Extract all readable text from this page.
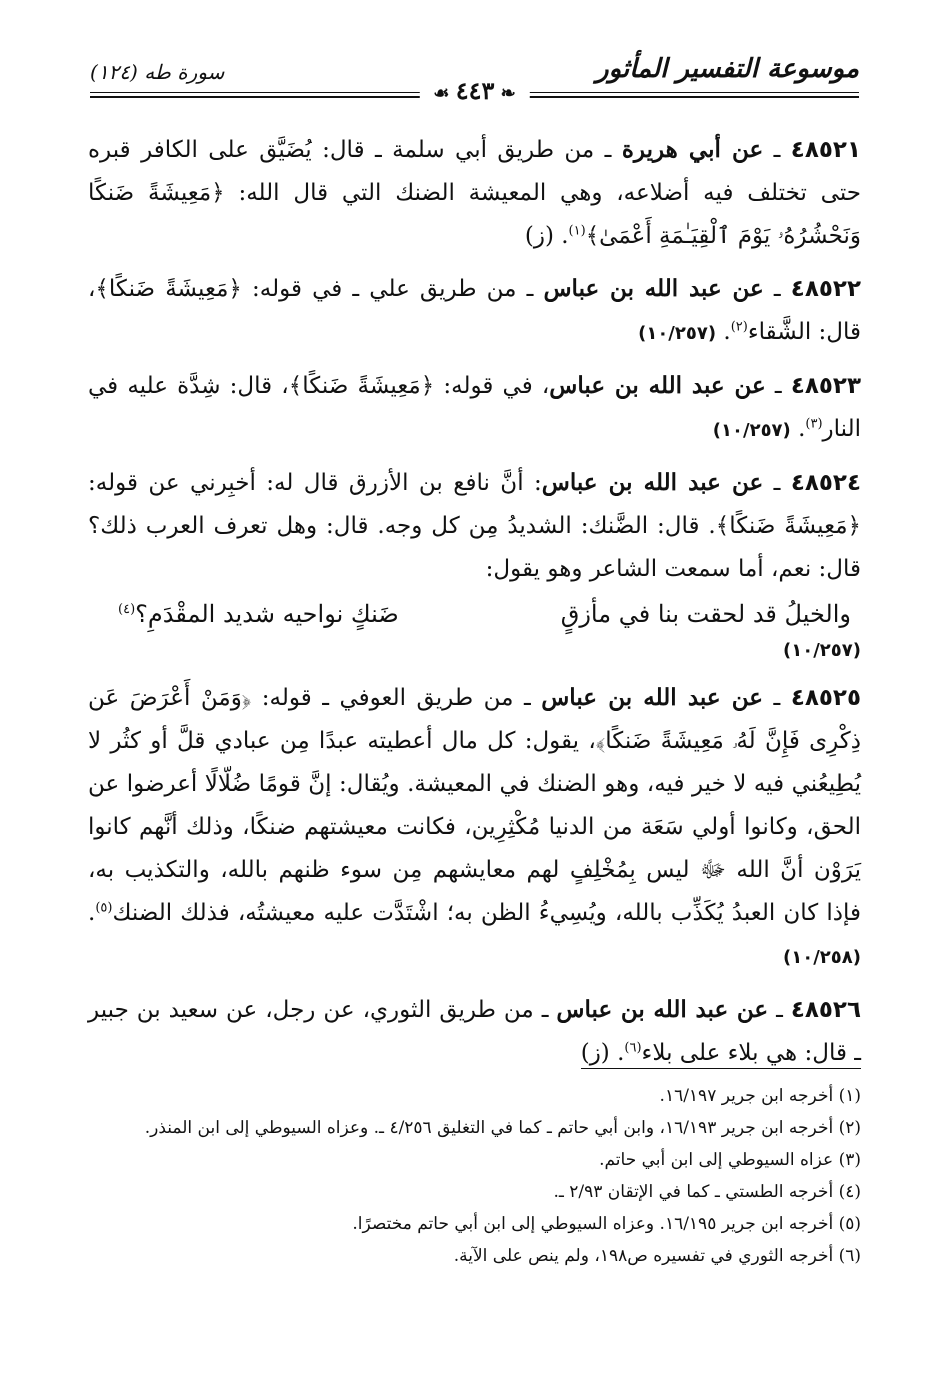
موسوعة التفسير المأثور
سورة طه (١٢٤)
❧ ٤٤٣ ☙

٤٨٥٢١ ـ عن أبي هريرة ـ من طريق أبي سلمة ـ قال: يُضَيَّق على الكافر قبره حتى تختلف فيه أضلاعه، وهي المعيشة الضنك التي قال الله: ﴿مَعِيشَةً ضَنكًا وَنَحْشُرُهُۥ يَوْمَ ٱلْقِيَـٰمَةِ أَعْمَىٰ﴾$^{(١)}$. (ز)

٤٨٥٢٢ ـ عن عبد الله بن عباس ـ من طريق علي ـ في قوله: ﴿مَعِيشَةً ضَنكًا﴾، قال: الشَّقاء$^{(٢)}$. (١٠/٢٥٧)

٤٨٥٢٣ ـ عن عبد الله بن عباس، في قوله: ﴿مَعِيشَةً ضَنكًا﴾، قال: شِدَّة عليه في النار$^{(٣)}$. (١٠/٢٥٧)

٤٨٥٢٤ ـ عن عبد الله بن عباس: أنَّ نافع بن الأزرق قال له: أخبِرني عن قوله: ﴿مَعِيشَةً ضَنكًا﴾. قال: الضَّنك: الشديدُ مِن كل وجه. قال: وهل تعرف العرب ذلك؟ قال: نعم، أما سمعت الشاعر وهو يقول:

والخيلُ قد لحقت بنا في مأزقٍ
ضَنكٍ نواحيه شديد المقْدَمِ؟$^{(٤)}$
(١٠/٢٥٧)

٤٨٥٢٥ ـ عن عبد الله بن عباس ـ من طريق العوفي ـ قوله: ﴿وَمَنْ أَعْرَضَ عَن ذِكْرِى فَإِنَّ لَهُۥ مَعِيشَةً ضَنكًا﴾، يقول: كل مال أعطيته عبدًا مِن عبادي قلَّ أو كثُر لا يُطِيعُني فيه لا خير فيه، وهو الضنك في المعيشة. ويُقال: إنَّ قومًا ضُلّالًا أعرضوا عن الحق، وكانوا أولي سَعَة من الدنيا مُكْثِرِين، فكانت معيشتهم ضنكًا، وذلك أنَّهم كانوا يَرَوْن أنَّ الله ﷻ ليس بِمُخْلِفٍ لهم معايشهم مِن سوء ظنهم بالله، والتكذيب به، فإذا كان العبدُ يُكَذِّب بالله، ويُسِيءُ الظن به؛ اشْتَدَّت عليه معيشتُه، فذلك الضنك$^{(٥)}$. (١٠/٢٥٨)

٤٨٥٢٦ ـ عن عبد الله بن عباس ـ من طريق الثوري، عن رجل، عن سعيد بن جبير ـ قال: هي بلاء على بلاء$^{(٦)}$. (ز)

(١) أخرجه ابن جرير ١٦/١٩٧.

(٢) أخرجه ابن جرير ١٦/١٩٣، وابن أبي حاتم ـ كما في التغليق ٤/٢٥٦ ـ. وعزاه السيوطي إلى ابن المنذر.

(٣) عزاه السيوطي إلى ابن أبي حاتم.

(٤) أخرجه الطستي ـ كما في الإتقان ٢/٩٣ ـ.

(٥) أخرجه ابن جرير ١٦/١٩٥. وعزاه السيوطي إلى ابن أبي حاتم مختصرًا.

(٦) أخرجه الثوري في تفسيره ص١٩٨، ولم ينص على الآية.
